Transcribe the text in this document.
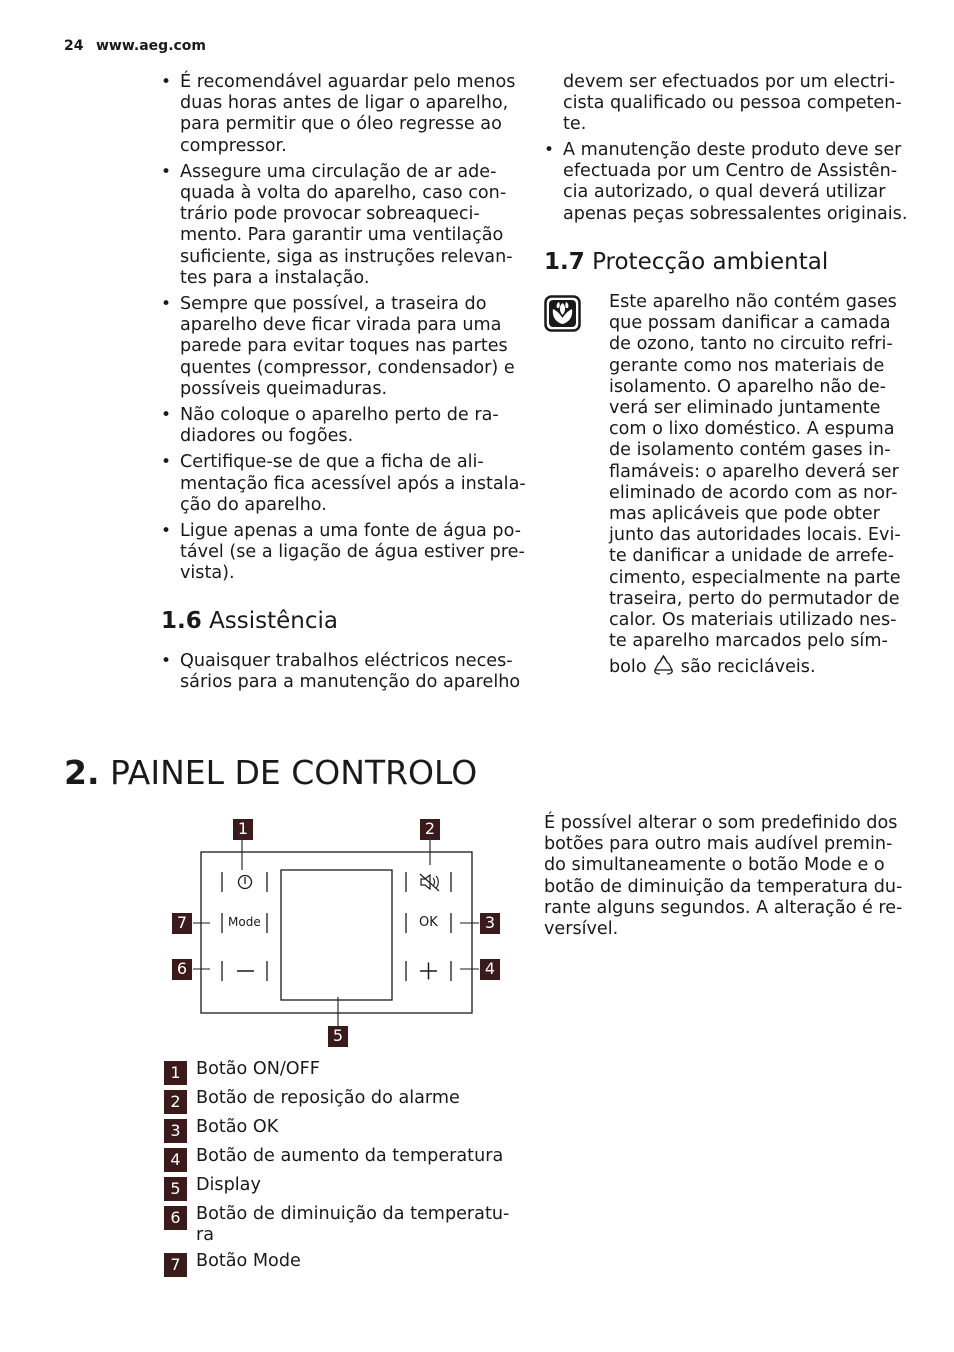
24 www.aeg.com
• É recomendável aguardar pelo menos
duas horas antes de ligar o aparelho,
para permitir que o óleo regresse ao
compressor.
• Assegure uma circulação de ar ade-
quada à volta do aparelho, caso con-
trário pode provocar sobreaqueci-
mento. Para garantir uma ventilação
suficiente, siga as instruções relevan-
tes para a instalação.
• Sempre que possível, a traseira do
aparelho deve ficar virada para uma
parede para evitar toques nas partes
quentes (compressor, condensador) e
possíveis queimaduras.
• Não coloque o aparelho perto de ra-
diadores ou fogões.
• Certifique-se de que a ficha de ali-
mentação fica acessível após a instala-
ção do aparelho.
• Ligue apenas a uma fonte de água po-
tável (se a ligação de água estiver pre-
vista).
1.6 Assistência
• Quaisquer trabalhos eléctricos neces-
sários para a manutenção do aparelho
devem ser efectuados por um electri-
cista qualificado ou pessoa competen-
te.
• A manutenção deste produto deve ser
efectuada por um Centro de Assistên-
cia autorizado, o qual deverá utilizar
apenas peças sobressalentes originais.
1.7 Protecção ambiental
Este aparelho não contém gases
que possam danificar a camada
de ozono, tanto no circuito refri-
gerante como nos materiais de
isolamento. O aparelho não de-
verá ser eliminado juntamente
com o lixo doméstico. A espuma
de isolamento contém gases in-
flamáveis: o aparelho deverá ser
eliminado de acordo com as nor-
mas aplicáveis que pode obter
junto das autoridades locais. Evi-
te danificar a unidade de arrefe-
cimento, especialmente na parte
traseira, perto do permutador de
calor. Os materiais utilizado nes-
te aparelho marcados pelo sím-
bolo são recicláveis.
2. PAINEL DE CONTROLO
Mode	OK
1	2
3
4
5
6
7
1 Botão ON/OFF
2 Botão de reposição do alarme
3 Botão OK
4 Botão de aumento da temperatura
5 Display
6 Botão de diminuição da temperatu-
ra
7 Botão Mode
É possível alterar o som predefinido dos
botões para outro mais audível premin-
do simultaneamente o botão Mode e o
botão de diminuição da temperatura du-
rante alguns segundos. A alteração é re-
versível.
